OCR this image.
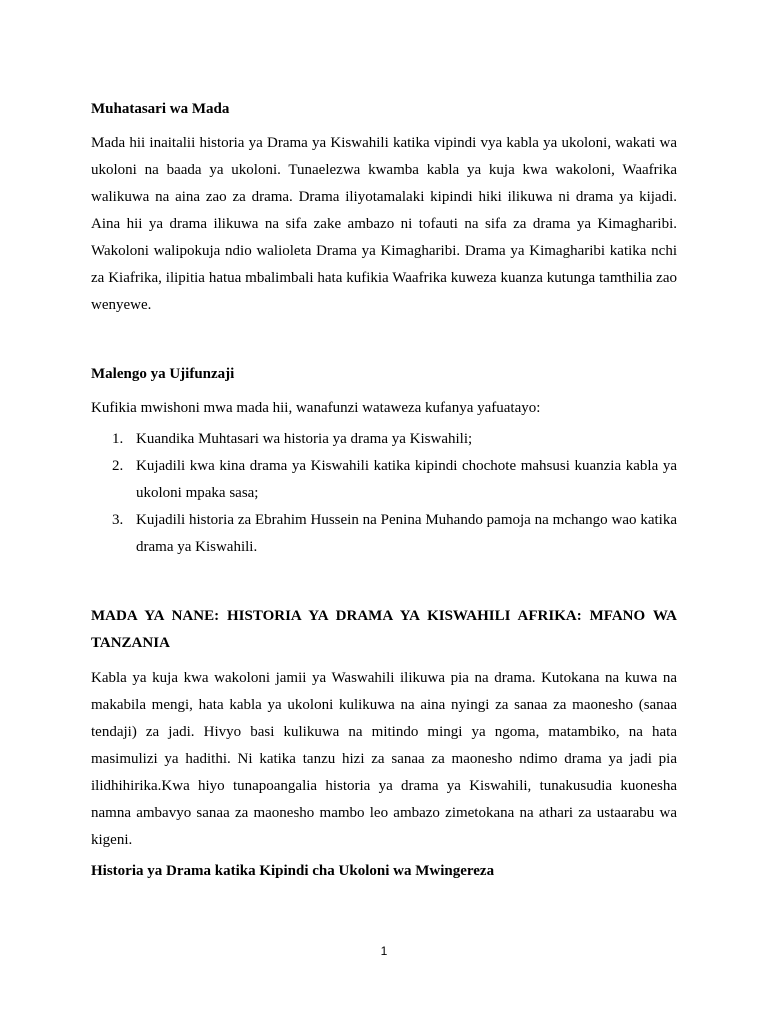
Muhatasari wa Mada

Mada hii inaitalii historia ya Drama ya Kiswahili katika vipindi vya kabla ya ukoloni, wakati wa ukoloni na baada ya ukoloni. Tunaelezwa kwamba kabla ya kuja kwa wakoloni, Waafrika walikuwa na aina zao za drama. Drama iliyotamalaki kipindi hiki ilikuwa ni drama ya kijadi. Aina hii ya drama ilikuwa na sifa zake ambazo ni tofauti na sifa za drama ya Kimagharibi. Wakoloni walipokuja ndio walioleta Drama ya Kimagharibi. Drama ya Kimagharibi katika nchi za Kiafrika, ilipitia hatua mbalimbali hata kufikia Waafrika kuweza kuanza kutunga tamthilia zao wenyewe.

Malengo ya Ujifunzaji

Kufikia mwishoni mwa mada hii, wanafunzi wataweza kufanya yafuatayo:

1. Kuandika Muhtasari wa historia ya drama ya Kiswahili;
2. Kujadili kwa kina drama ya Kiswahili katika kipindi chochote mahsusi kuanzia kabla ya ukoloni mpaka sasa;
3. Kujadili historia za Ebrahim Hussein na Penina Muhando pamoja na mchango wao katika drama ya Kiswahili.

MADA YA NANE: HISTORIA YA DRAMA YA KISWAHILI AFRIKA: MFANO WA TANZANIA

Kabla ya kuja kwa wakoloni jamii ya Waswahili ilikuwa pia na drama. Kutokana na kuwa na makabila mengi, hata kabla ya ukoloni kulikuwa na aina nyingi za sanaa za maonesho (sanaa tendaji) za jadi. Hivyo basi kulikuwa na mitindo mingi ya ngoma, matambiko, na hata masimulizi ya hadithi. Ni katika tanzu hizi za sanaa za maonesho ndimo drama ya jadi pia ilidhihirika.Kwa hiyo tunapoangalia historia ya drama ya Kiswahili, tunakusudia kuonesha namna ambavyo sanaa za maonesho mambo leo ambazo zimetokana na athari za ustaarabu wa kigeni.

Historia ya Drama katika Kipindi cha Ukoloni wa Mwingereza

1
